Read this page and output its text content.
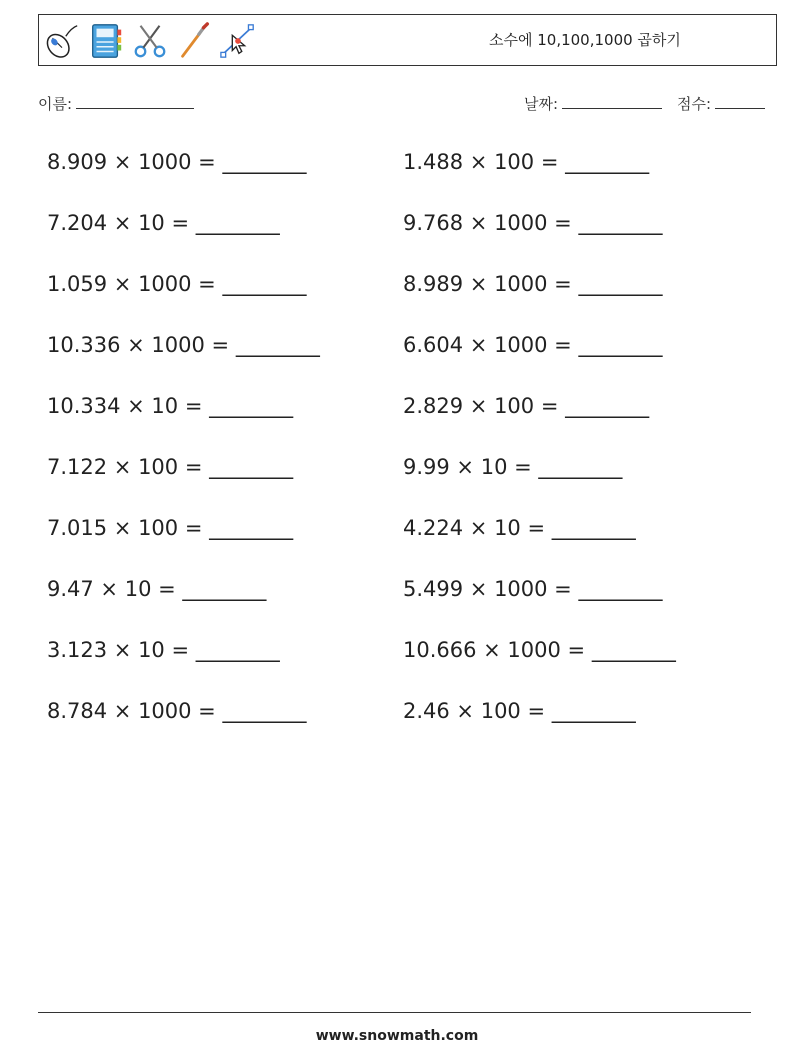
소수에 10,100,1000 곱하기
이름:	날짜:	점수:
8.909 × 1000 = ________
7.204 × 10 = ________
1.059 × 1000 = ________
10.336 × 1000 = ________
10.334 × 10 = ________
7.122 × 100 = ________
7.015 × 100 = ________
9.47 × 10 = ________
3.123 × 10 = ________
8.784 × 1000 = ________
1.488 × 100 = ________
9.768 × 1000 = ________
8.989 × 1000 = ________
6.604 × 1000 = ________
2.829 × 100 = ________
9.99 × 10 = ________
4.224 × 10 = ________
5.499 × 1000 = ________
10.666 × 1000 = ________
2.46 × 100 = ________
www.snowmath.com
